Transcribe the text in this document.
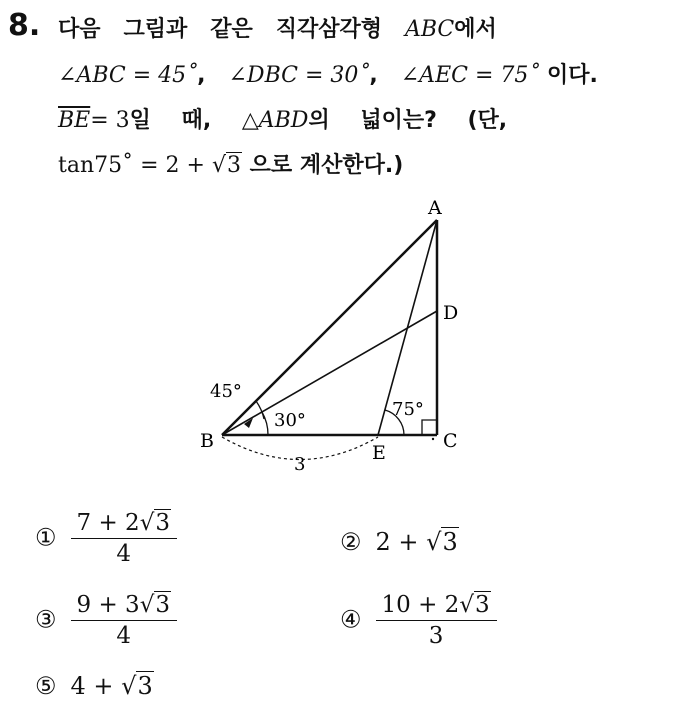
8. 다음   그림과   같은   직각삼각형   ABC에서
∠ABC = 45˚,   ∠DBC = 30˚,   ∠AEC = 75˚ 이다.
$\overline{BE}= 3$일    때,    △ABD의    넓이는?    (단,
tan75˚ = 2 + √3 으로 계산한다.)
A
B	C
D
E
45°
30°
75°
3
① $\frac{7 + 2√3}{4}$	② 2 + √3
③ $\frac{9 + 3√3}{4}$	④ $\frac{10 + 2√3}{3}$
⑤ 4 + √3
